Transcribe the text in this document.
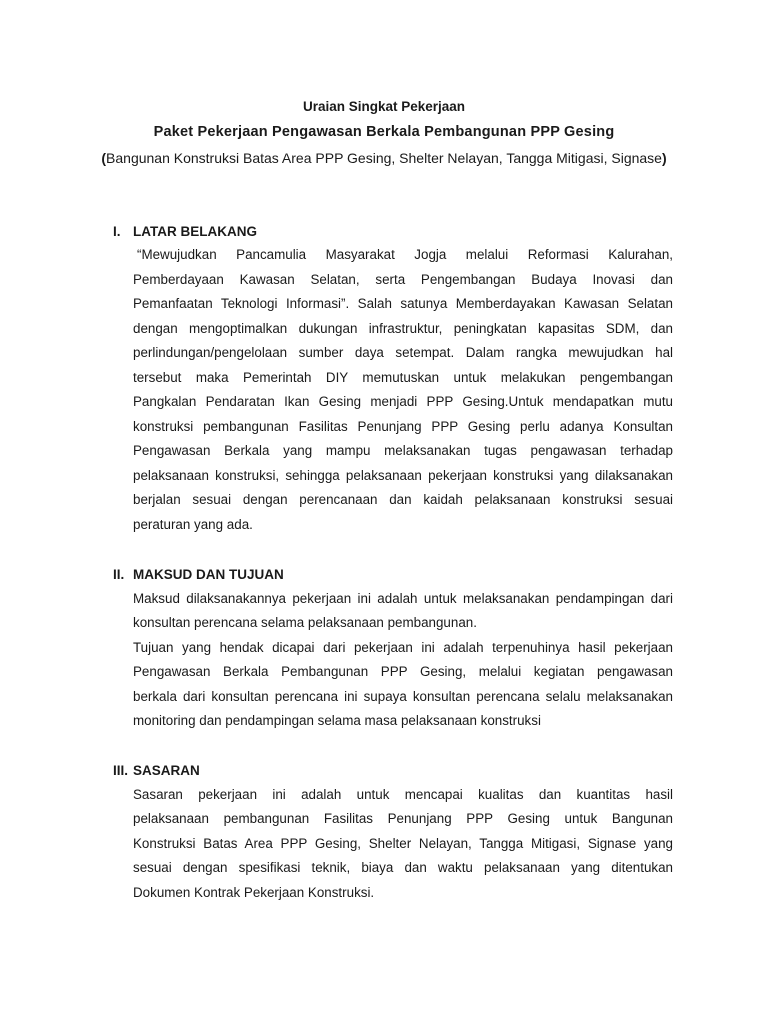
Uraian Singkat Pekerjaan
Paket Pekerjaan Pengawasan Berkala Pembangunan PPP Gesing
(Bangunan Konstruksi Batas Area PPP Gesing, Shelter Nelayan, Tangga Mitigasi, Signase)
I. LATAR BELAKANG
“Mewujudkan Pancamulia Masyarakat Jogja melalui Reformasi Kalurahan,
Pemberdayaan Kawasan Selatan, serta Pengembangan Budaya Inovasi dan
Pemanfaatan Teknologi Informasi”. Salah satunya Memberdayakan Kawasan Selatan
dengan mengoptimalkan dukungan infrastruktur, peningkatan kapasitas SDM, dan
perlindungan/pengelolaan sumber daya setempat. Dalam rangka mewujudkan hal
tersebut maka Pemerintah DIY memutuskan untuk melakukan pengembangan
Pangkalan Pendaratan Ikan Gesing menjadi PPP Gesing.Untuk mendapatkan mutu
konstruksi pembangunan Fasilitas Penunjang PPP Gesing perlu adanya Konsultan
Pengawasan Berkala yang mampu melaksanakan tugas pengawasan terhadap
pelaksanaan konstruksi, sehingga pelaksanaan pekerjaan konstruksi yang dilaksanakan
berjalan sesuai dengan perencanaan dan kaidah pelaksanaan konstruksi sesuai
peraturan yang ada.
II. MAKSUD DAN TUJUAN
Maksud dilaksanakannya pekerjaan ini adalah untuk melaksanakan pendampingan dari
konsultan perencana selama pelaksanaan pembangunan.
Tujuan yang hendak dicapai dari pekerjaan ini adalah terpenuhinya hasil pekerjaan
Pengawasan Berkala Pembangunan PPP Gesing, melalui kegiatan pengawasan
berkala dari konsultan perencana ini supaya konsultan perencana selalu melaksanakan
monitoring dan pendampingan selama masa pelaksanaan konstruksi
III. SASARAN
Sasaran pekerjaan ini adalah untuk mencapai kualitas dan kuantitas hasil
pelaksanaan pembangunan Fasilitas Penunjang PPP Gesing untuk Bangunan
Konstruksi Batas Area PPP Gesing, Shelter Nelayan, Tangga Mitigasi, Signase yang
sesuai dengan spesifikasi teknik, biaya dan waktu pelaksanaan yang ditentukan
Dokumen Kontrak Pekerjaan Konstruksi.
